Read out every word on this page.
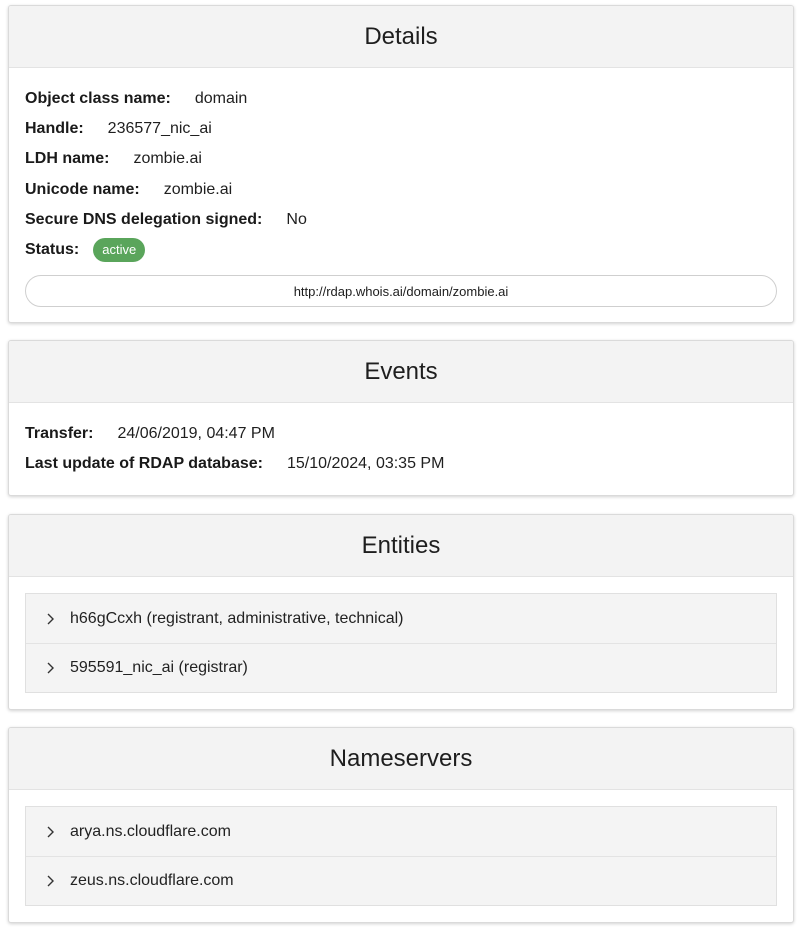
Details
Object class name: domain
Handle: 236577_nic_ai
LDH name: zombie.ai
Unicode name: zombie.ai
Secure DNS delegation signed: No
Status:	active
http://rdap.whois.ai/domain/zombie.ai
Events
Transfer: 24/06/2019, 04:47 PM
Last update of RDAP database: 15/10/2024, 03:35 PM
Entities
h66gCcxh (registrant, administrative, technical)
595591_nic_ai (registrar)
Nameservers
arya.ns.cloudflare.com
zeus.ns.cloudflare.com
